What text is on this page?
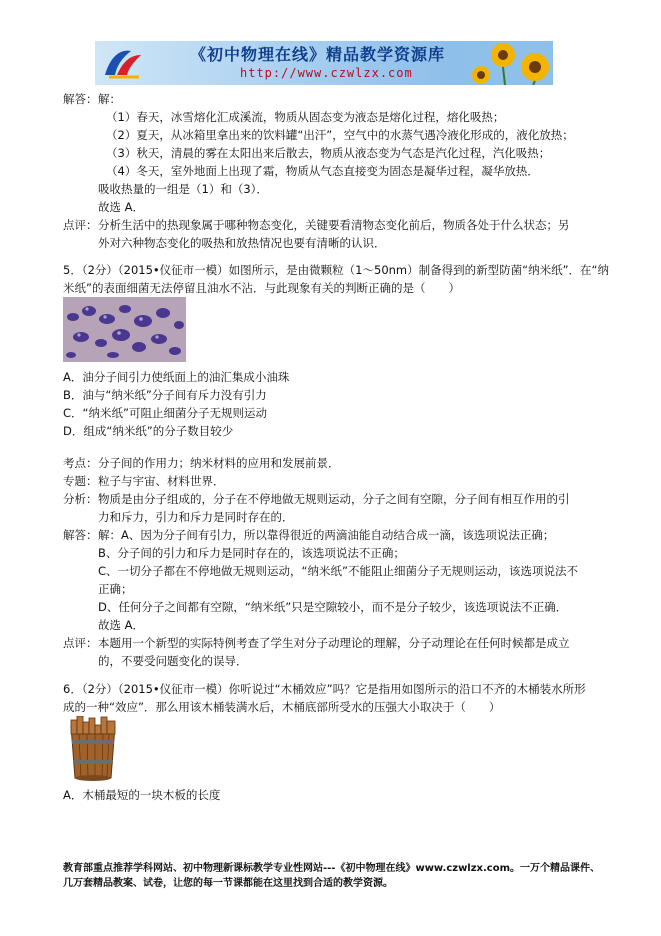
《初中物理在线》精品教学资源库
http://www.czwlzx.com
解答： 解：
（1）春天，冰雪熔化汇成溪流，物质从固态变为液态是熔化过程，熔化吸热；
（2）夏天，从冰箱里拿出来的饮料罐“出汗”，空气中的水蒸气遇冷液化形成的，液化放热；
（3）秋天，清晨的雾在太阳出来后散去，物质从液态变为气态是汽化过程，汽化吸热；
（4）冬天，室外地面上出现了霜，物质从气态直接变为固态是凝华过程，凝华放热．
吸收热量的一组是（1）和（3）．
故选 A．
点评： 分析生活中的热现象属于哪种物态变化，关键要看清物态变化前后，物质各处于什么状态；另
外对六种物态变化的吸热和放热情况也要有清晰的认识．
5．（2分）（2015•仪征市一模）如图所示，是由微颗粒（1～50nm）制备得到的新型防菌“纳米纸”．在“纳
米纸”的表面细菌无法停留且油水不沾．与此现象有关的判断正确的是（　　）
A．油分子间引力使纸面上的油汇集成小油珠
B．油与“纳米纸”分子间有斥力没有引力
C．“纳米纸”可阻止细菌分子无规则运动
D．组成“纳米纸”的分子数目较少
考点： 分子间的作用力；纳米材料的应用和发展前景．
专题： 粒子与宇宙、材料世界．
分析： 物质是由分子组成的，分子在不停地做无规则运动，分子之间有空隙，分子间有相互作用的引
力和斥力，引力和斥力是同时存在的．
解答： 解：A、因为分子间有引力，所以靠得很近的两滴油能自动结合成一滴，该选项说法正确；
B、分子间的引力和斥力是同时存在的，该选项说法不正确；
C、一切分子都在不停地做无规则运动，“纳米纸”不能阻止细菌分子无规则运动，该选项说法不
正确；
D、任何分子之间都有空隙，“纳米纸”只是空隙较小，而不是分子较少，该选项说法不正确．
故选 A．
点评： 本题用一个新型的实际特例考查了学生对分子动理论的理解，分子动理论在任何时候都是成立
的，不要受问题变化的误导．
6．（2分）（2015•仪征市一模）你听说过“木桶效应”吗？它是指用如图所示的沿口不齐的木桶装水所形
成的一种“效应”．那么用该木桶装满水后，木桶底部所受水的压强大小取决于（　　）
A．木桶最短的一块木板的长度
教育部重点推荐学科网站、初中物理新课标教学专业性网站---《初中物理在线》www.czwlzx.com。一万个精品课件、
几万套精品教案、试卷，让您的每一节课都能在这里找到合适的教学资源。
